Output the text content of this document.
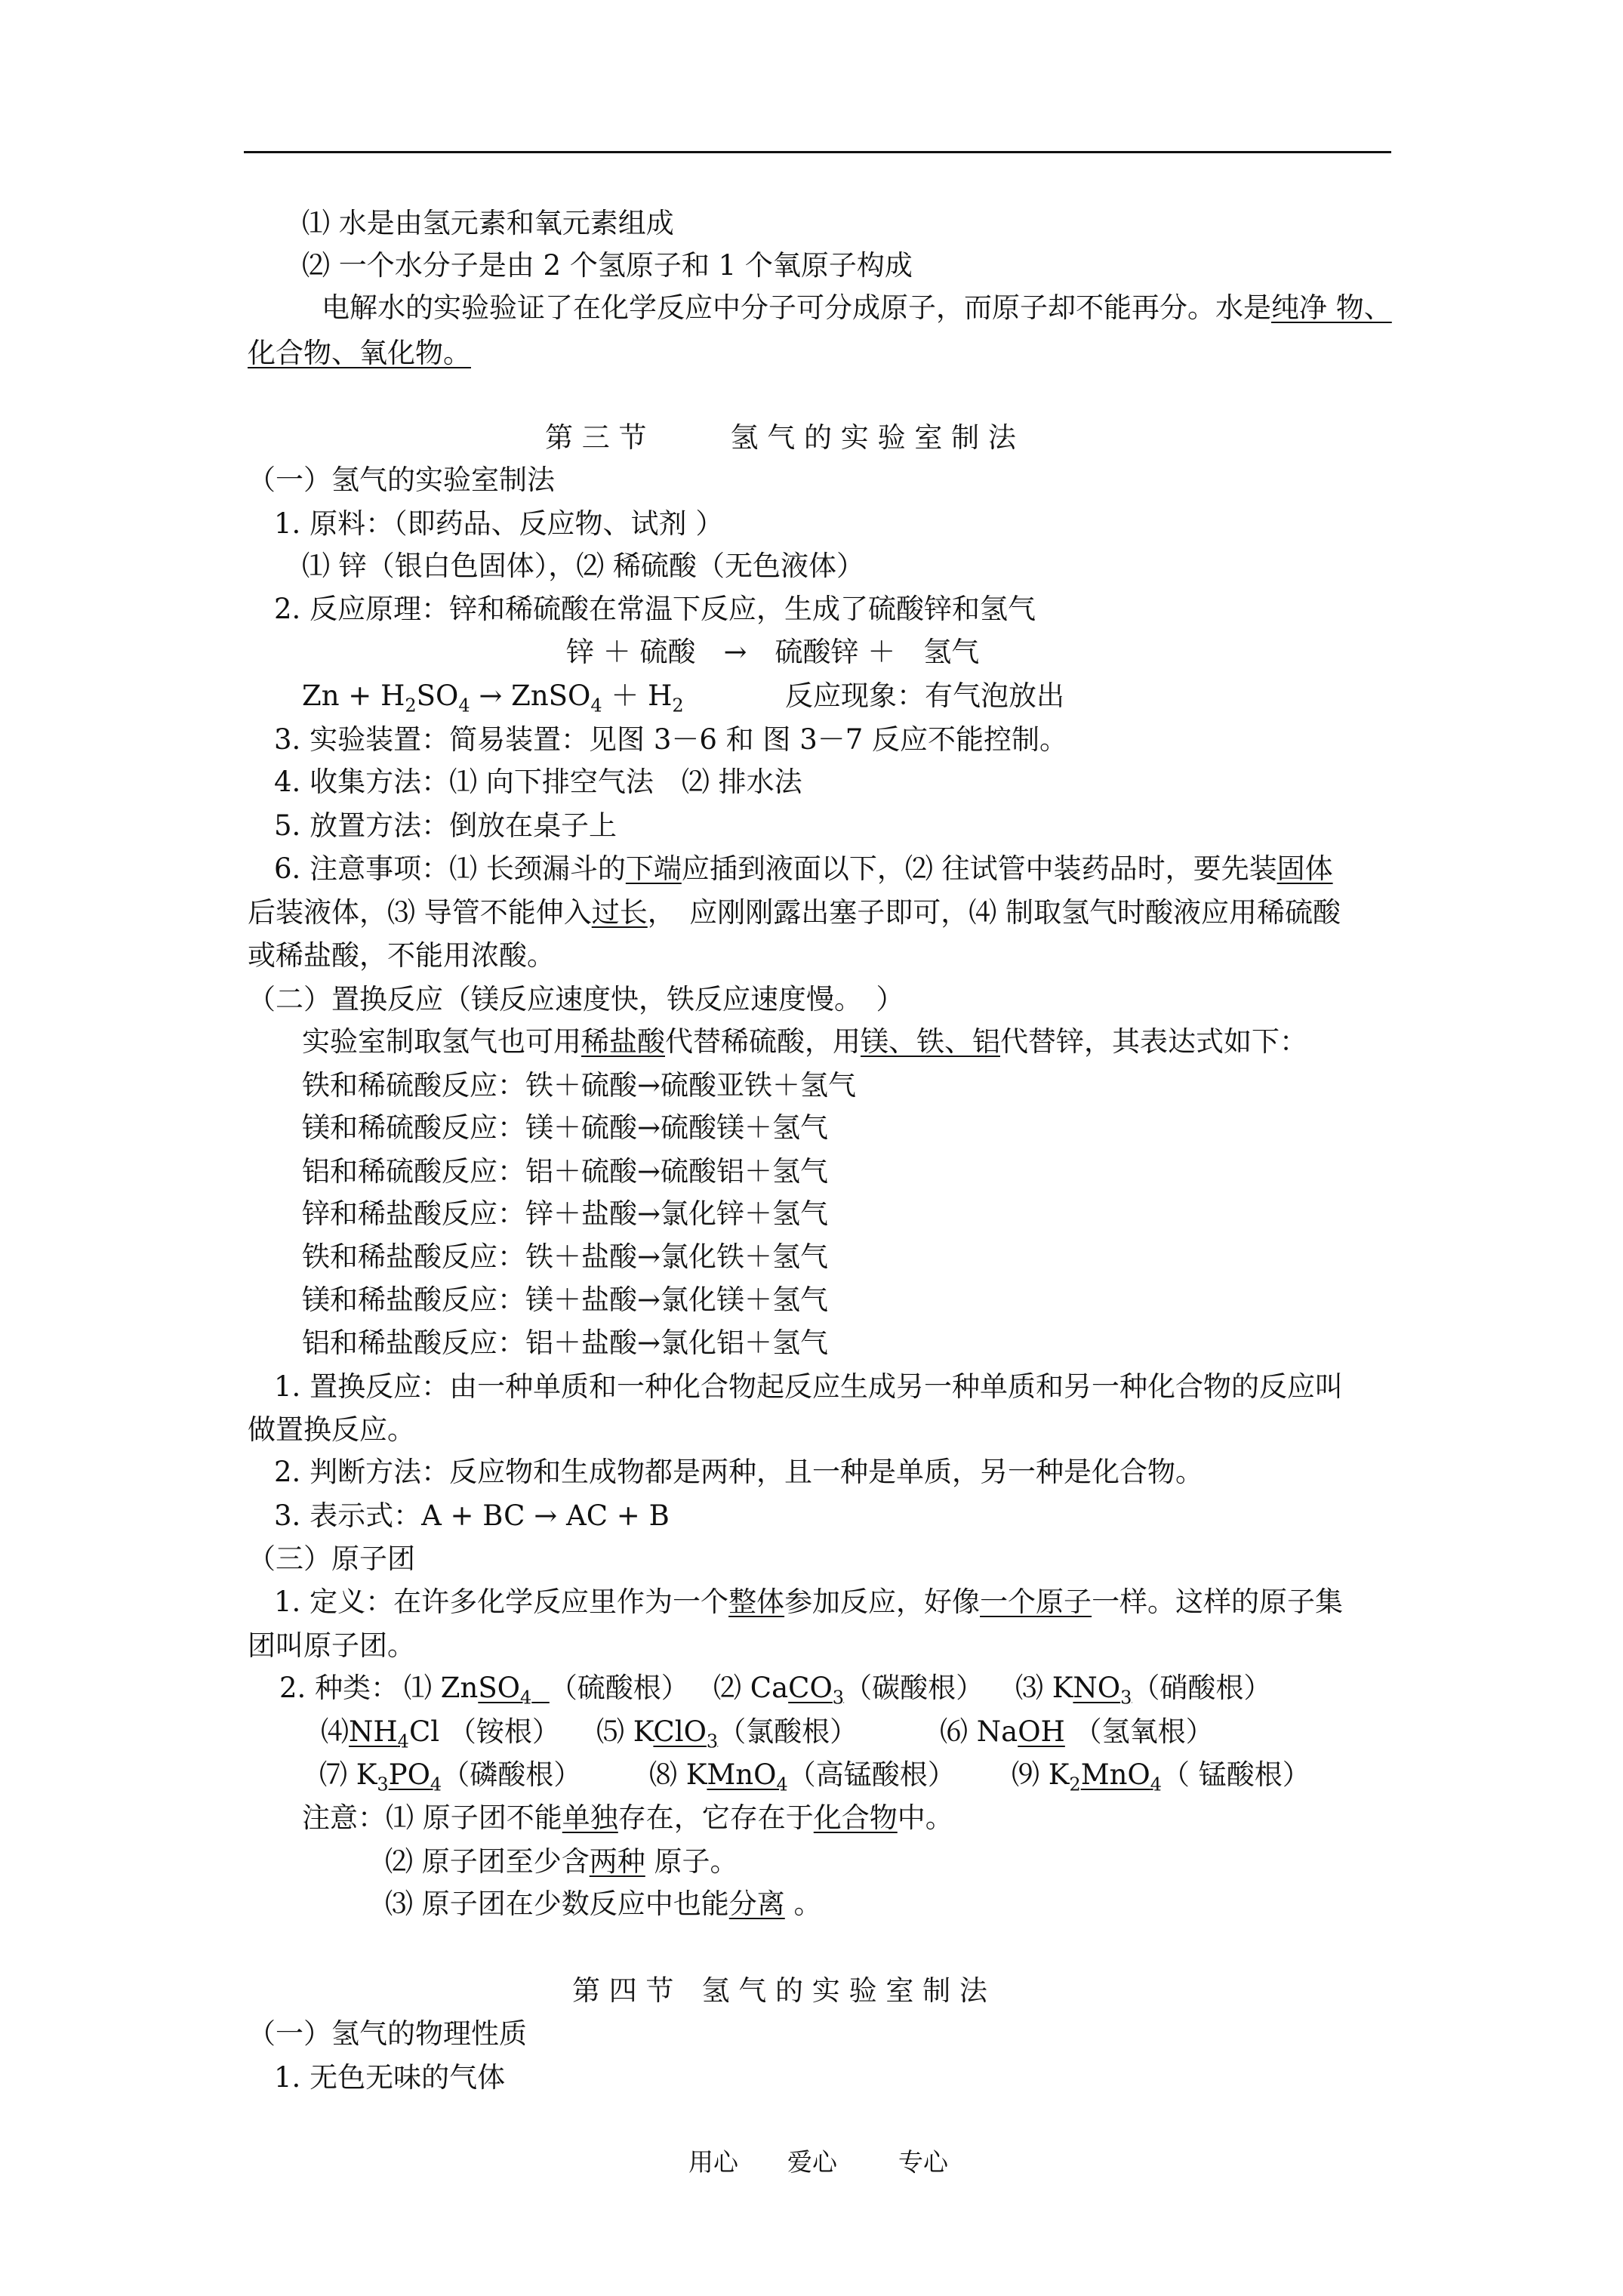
⑴ 水是由氢元素和氧元素组成
⑵ 一个水分子是由 2 个氢原子和 1 个氧原子构成
电解水的实验验证了在化学反应中分子可分成原子，而原子却不能再分。水是纯净 物、
化合物、氧化物。
第 三 节　　　氢 气 的 实 验 室 制 法
（一）氢气的实验室制法
1. 原料：（即药品、反应物、试剂 ）
⑴ 锌（银白色固体），⑵ 稀硫酸（无色液体）
2. 反应原理：锌和稀硫酸在常温下反应，生成了硫酸锌和氢气
锌 ＋ 硫酸　→　硫酸锌 ＋　氢气
$Zn + H_2SO_4$ → ZnSO$_4$ ＋ $H_2$	反应现象：有气泡放出
3. 实验装置：简易装置：见图 3－6 和 图 3－7 反应不能控制。
4. 收集方法：⑴ 向下排空气法　⑵ 排水法
5. 放置方法：倒放在桌子上
6. 注意事项：⑴ 长颈漏斗的下端应插到液面以下，⑵ 往试管中装药品时，要先装固体
后装液体，⑶ 导管不能伸入过长，　应刚刚露出塞子即可，⑷ 制取氢气时酸液应用稀硫酸
或稀盐酸，不能用浓酸。
（二）置换反应（镁反应速度快，铁反应速度慢。　）
实验室制取氢气也可用稀盐酸代替稀硫酸，用镁、铁、铝代替锌，其表达式如下：
铁和稀硫酸反应：铁＋硫酸→硫酸亚铁＋氢气
镁和稀硫酸反应：镁＋硫酸→硫酸镁＋氢气
铝和稀硫酸反应：铝＋硫酸→硫酸铝＋氢气
锌和稀盐酸反应：锌＋盐酸→氯化锌＋氢气
铁和稀盐酸反应：铁＋盐酸→氯化铁＋氢气
镁和稀盐酸反应：镁＋盐酸→氯化镁＋氢气
铝和稀盐酸反应：铝＋盐酸→氯化铝＋氢气
1. 置换反应：由一种单质和一种化合物起反应生成另一种单质和另一种化合物的反应叫
做置换反应。
2. 判断方法：反应物和生成物都是两种，且一种是单质，另一种是化合物。
3. 表示式：A + BC → AC + B
（三）原子团
1. 定义：在许多化学反应里作为一个整体参加反应，好像一个原子一样。这样的原子集
团叫原子团。
2. 种类： ⑴ ZnSO$_4$ （硫酸根） ⑵ CaCO$_3$（碳酸根） ⑶ $KNO_3$（硝酸根）
$⑷NH_4Cl$ （铵根） ⑸ KClO$_3$（氯酸根）	⑹ NaOH （氢氧根）
⑺ $K_3PO_4$（磷酸根） ⑻ KMnO$_4$（高锰酸根） ⑼ $K_2MnO_4$（ 锰酸根）
注意：⑴ 原子团不能单独存在，它存在于化合物中。
⑵ 原子团至少含两种 原子。
⑶ 原子团在少数反应中也能分离 。
第 四 节　氢 气 的 实 验 室 制 法
（一）氢气的物理性质
1. 无色无味的气体
用心 爱心 专心
